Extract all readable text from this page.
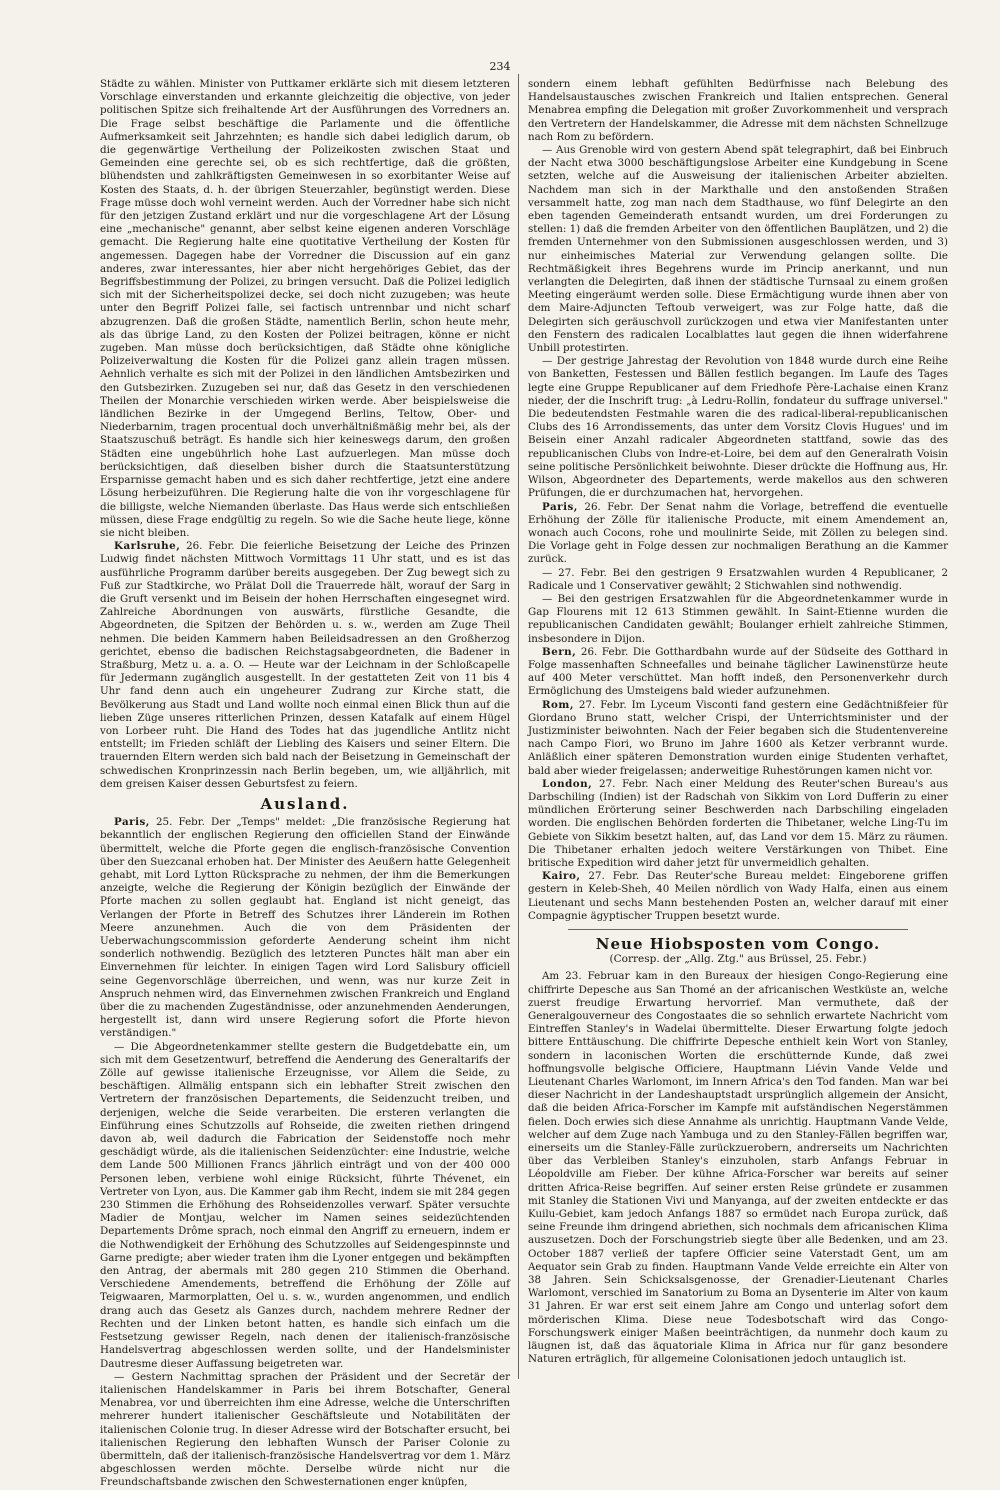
234

Städte zu wählen. Minister von Puttkamer erklärte sich mit diesem letzteren Vorschlage einverstanden und erkannte gleichzeitig die objective, von jeder politischen Spitze sich freihaltende Art der Ausführungen des Vorredners an. Die Frage selbst beschäftige die Parlamente und die öffentliche Aufmerksamkeit seit Jahrzehnten; es handle sich dabei lediglich darum, ob die gegenwärtige Vertheilung der Polizeikosten zwischen Staat und Gemeinden eine gerechte sei, ob es sich rechtfertige, daß die größten, blühendsten und zahlkräftigsten Gemeinwesen in so exorbitanter Weise auf Kosten des Staats, d. h. der übrigen Steuerzahler, begünstigt werden. Diese Frage müsse doch wohl verneint werden. Auch der Vorredner habe sich nicht für den jetzigen Zustand erklärt und nur die vorgeschlagene Art der Lösung eine „mechanische" genannt, aber selbst keine eigenen anderen Vorschläge gemacht. Die Regierung halte eine quotitative Vertheilung der Kosten für angemessen. Dagegen habe der Vorredner die Discussion auf ein ganz anderes, zwar interessantes, hier aber nicht hergehöriges Gebiet, das der Begriffsbestimmung der Polizei, zu bringen versucht. Daß die Polizei lediglich sich mit der Sicherheitspolizei decke, sei doch nicht zuzugeben; was heute unter den Begriff Polizei falle, sei factisch untrennbar und nicht scharf abzugrenzen. Daß die großen Städte, namentlich Berlin, schon heute mehr, als das übrige Land, zu den Kosten der Polizei beitragen, könne er nicht zugeben. Man müsse doch berücksichtigen, daß Städte ohne königliche Polizeiverwaltung die Kosten für die Polizei ganz allein tragen müssen. Aehnlich verhalte es sich mit der Polizei in den ländlichen Amtsbezirken und den Gutsbezirken. Zuzugeben sei nur, daß das Gesetz in den verschiedenen Theilen der Monarchie verschieden wirken werde. Aber beispielsweise die ländlichen Bezirke in der Umgegend Berlins, Teltow, Ober- und Niederbarnim, tragen procentual doch unverhältnißmäßig mehr bei, als der Staatszuschuß beträgt. Es handle sich hier keineswegs darum, den großen Städten eine ungebührlich hohe Last aufzuerlegen. Man müsse doch berücksichtigen, daß dieselben bisher durch die Staatsunterstützung Ersparnisse gemacht haben und es sich daher rechtfertige, jetzt eine andere Lösung herbeizuführen. Die Regierung halte die von ihr vorgeschlagene für die billigste, welche Niemanden überlaste. Das Haus werde sich entschließen müssen, diese Frage endgültig zu regeln. So wie die Sache heute liege, könne sie nicht bleiben.

Karlsruhe, 26. Febr. Die feierliche Beisetzung der Leiche des Prinzen Ludwig findet nächsten Mittwoch Vormittags 11 Uhr statt, und es ist das ausführliche Programm darüber bereits ausgegeben. Der Zug bewegt sich zu Fuß zur Stadtkirche, wo Prälat Doll die Trauerrede hält, worauf der Sarg in die Gruft versenkt und im Beisein der hohen Herrschaften eingesegnet wird. Zahlreiche Abordnungen von auswärts, fürstliche Gesandte, die Abgeordneten, die Spitzen der Behörden u. s. w., werden am Zuge Theil nehmen. Die beiden Kammern haben Beileidsadressen an den Großherzog gerichtet, ebenso die badischen Reichstagsabgeordneten, die Badener in Straßburg, Metz u. a. a. O. — Heute war der Leichnam in der Schloßcapelle für Jedermann zugänglich ausgestellt. In der gestatteten Zeit von 11 bis 4 Uhr fand denn auch ein ungeheurer Zudrang zur Kirche statt, die Bevölkerung aus Stadt und Land wollte noch einmal einen Blick thun auf die lieben Züge unseres ritterlichen Prinzen, dessen Katafalk auf einem Hügel von Lorbeer ruht. Die Hand des Todes hat das jugendliche Antlitz nicht entstellt; im Frieden schläft der Liebling des Kaisers und seiner Eltern. Die trauernden Eltern werden sich bald nach der Beisetzung in Gemeinschaft der schwedischen Kronprinzessin nach Berlin begeben, um, wie alljährlich, mit dem greisen Kaiser dessen Geburtsfest zu feiern.

Ausland.

Paris, 25. Febr. Der „Temps" meldet: „Die französische Regierung hat bekanntlich der englischen Regierung den officiellen Stand der Einwände übermittelt, welche die Pforte gegen die englisch-französische Convention über den Suezcanal erhoben hat. Der Minister des Aeußern hatte Gelegenheit gehabt, mit Lord Lytton Rücksprache zu nehmen, der ihm die Bemerkungen anzeigte, welche die Regierung der Königin bezüglich der Einwände der Pforte machen zu sollen geglaubt hat. England ist nicht geneigt, das Verlangen der Pforte in Betreff des Schutzes ihrer Länderein im Rothen Meere anzunehmen. Auch die von dem Präsidenten der Ueberwachungscommission geforderte Aenderung scheint ihm nicht sonderlich nothwendig. Bezüglich des letzteren Punctes hält man aber ein Einvernehmen für leichter. In einigen Tagen wird Lord Salisbury officiell seine Gegenvorschläge überreichen, und wenn, was nur kurze Zeit in Anspruch nehmen wird, das Einvernehmen zwischen Frankreich und England über die zu machenden Zugeständnisse, oder anzunehmenden Aenderungen, hergestellt ist, dann wird unsere Regierung sofort die Pforte hievon verständigen."

— Die Abgeordnetenkammer stellte gestern die Budgetdebatte ein, um sich mit dem Gesetzentwurf, betreffend die Aenderung des Generaltarifs der Zölle auf gewisse italienische Erzeugnisse, vor Allem die Seide, zu beschäftigen. Allmälig entspann sich ein lebhafter Streit zwischen den Vertretern der französischen Departements, die Seidenzucht treiben, und derjenigen, welche die Seide verarbeiten. Die ersteren verlangten die Einführung eines Schutzzolls auf Rohseide, die zweiten riethen dringend davon ab, weil dadurch die Fabrication der Seidenstoffe noch mehr geschädigt würde, als die italienischen Seidenzüchter: eine Industrie, welche dem Lande 500 Millionen Francs jährlich einträgt und von der 400 000 Personen leben, verbiene wohl einige Rücksicht, führte Thévenet, ein Vertreter von Lyon, aus. Die Kammer gab ihm Recht, indem sie mit 284 gegen 230 Stimmen die Erhöhung des Rohseidenzolles verwarf. Später versuchte Madier de Montjau, welcher im Namen seines seidezüchtenden Departements Drôme sprach, noch einmal den Angriff zu erneuern, indem er die Nothwendigkeit der Erhöhung des Schutzzolles auf Seidengespinnste und Garne predigte; aber wieder traten ihm die Lyoner entgegen und bekämpften den Antrag, der abermals mit 280 gegen 210 Stimmen die Oberhand. Verschiedene Amendements, betreffend die Erhöhung der Zölle auf Teigwaaren, Marmorplatten, Oel u. s. w., wurden angenommen, und endlich drang auch das Gesetz als Ganzes durch, nachdem mehrere Redner der Rechten und der Linken betont hatten, es handle sich einfach um die Festsetzung gewisser Regeln, nach denen der italienisch-französische Handelsvertrag abgeschlossen werden sollte, und der Handelsminister Dautresme dieser Auffassung beigetreten war.

— Gestern Nachmittag sprachen der Präsident und der Secretär der italienischen Handelskammer in Paris bei ihrem Botschafter, General Menabrea, vor und überreichten ihm eine Adresse, welche die Unterschriften mehrerer hundert italienischer Geschäftsleute und Notabilitäten der italienischen Colonie trug. In dieser Adresse wird der Botschafter ersucht, bei italienischen Regierung den lebhaften Wunsch der Pariser Colonie zu übermitteln, daß der italienisch-französische Handelsvertrag vor dem 1. März abgeschlossen werden möchte. Derselbe würde nicht nur die Freundschaftsbande zwischen den Schwesternationen enger knüpfen,

sondern einem lebhaft gefühlten Bedürfnisse nach Belebung des Handelsaustausches zwischen Frankreich und Italien entsprechen. General Menabrea empfing die Delegation mit großer Zuvorkommenheit und versprach den Vertretern der Handelskammer, die Adresse mit dem nächsten Schnellzuge nach Rom zu befördern.

— Aus Grenoble wird von gestern Abend spät telegraphirt, daß bei Einbruch der Nacht etwa 3000 beschäftigungslose Arbeiter eine Kundgebung in Scene setzten, welche auf die Ausweisung der italienischen Arbeiter abzielten. Nachdem man sich in der Markthalle und den anstoßenden Straßen versammelt hatte, zog man nach dem Stadthause, wo fünf Delegirte an den eben tagenden Gemeinderath entsandt wurden, um drei Forderungen zu stellen: 1) daß die fremden Arbeiter von den öffentlichen Bauplätzen, und 2) die fremden Unternehmer von den Submissionen ausgeschlossen werden, und 3) nur einheimisches Material zur Verwendung gelangen sollte. Die Rechtmäßigkeit ihres Begehrens wurde im Princip anerkannt, und nun verlangten die Delegirten, daß ihnen der städtische Turnsaal zu einem großen Meeting eingeräumt werden solle. Diese Ermächtigung wurde ihnen aber von dem Maire-Adjuncten Teftoub verweigert, was zur Folge hatte, daß die Delegirten sich geräuschvoll zurückzogen und etwa vier Manifestanten unter den Fenstern des radicalen Localblattes laut gegen die ihnen widerfahrene Unbill protestirten.

— Der gestrige Jahrestag der Revolution von 1848 wurde durch eine Reihe von Banketten, Festessen und Bällen festlich begangen. Im Laufe des Tages legte eine Gruppe Republicaner auf dem Friedhofe Père-Lachaise einen Kranz nieder, der die Inschrift trug: „à Ledru-Rollin, fondateur du suffrage universel." Die bedeutendsten Festmahle waren die des radical-liberal-republicanischen Clubs des 16 Arrondissements, das unter dem Vorsitz Clovis Hugues' und im Beisein einer Anzahl radicaler Abgeordneten stattfand, sowie das des republicanischen Clubs von Indre-et-Loire, bei dem auf den Generalrath Voisin seine politische Persönlichkeit beiwohnte. Dieser drückte die Hoffnung aus, Hr. Wilson, Abgeordneter des Departements, werde makellos aus den schweren Prüfungen, die er durchzumachen hat, hervorgehen.

Paris, 26. Febr. Der Senat nahm die Vorlage, betreffend die eventuelle Erhöhung der Zölle für italienische Producte, mit einem Amendement an, wonach auch Cocons, rohe und moulinirte Seide, mit Zöllen zu belegen sind. Die Vorlage geht in Folge dessen zur nochmaligen Berathung an die Kammer zurück.

— 27. Febr. Bei den gestrigen 9 Ersatzwahlen wurden 4 Republicaner, 2 Radicale und 1 Conservativer gewählt; 2 Stichwahlen sind nothwendig.

— Bei den gestrigen Ersatzwahlen für die Abgeordnetenkammer wurde in Gap Flourens mit 12 613 Stimmen gewählt. In Saint-Etienne wurden die republicanischen Candidaten gewählt; Boulanger erhielt zahlreiche Stimmen, insbesondere in Dijon.

Bern, 26. Febr. Die Gotthardbahn wurde auf der Südseite des Gotthard in Folge massenhaften Schneefalles und beinahe täglicher Lawinenstürze heute auf 400 Meter verschüttet. Man hofft indeß, den Personenverkehr durch Ermöglichung des Umsteigens bald wieder aufzunehmen.

Rom, 27. Febr. Im Lyceum Visconti fand gestern eine Gedächtnißfeier für Giordano Bruno statt, welcher Crispi, der Unterrichtsminister und der Justizminister beiwohnten. Nach der Feier begaben sich die Studentenvereine nach Campo Fiori, wo Bruno im Jahre 1600 als Ketzer verbrannt wurde. Anläßlich einer späteren Demonstration wurden einige Studenten verhaftet, bald aber wieder freigelassen; anderweitige Ruhestörungen kamen nicht vor.

London, 27. Febr. Nach einer Meldung des Reuter'schen Bureau's aus Darbschiling (Indien) ist der Radschah von Sikkim von Lord Dufferin zu einer mündlichen Erörterung seiner Beschwerden nach Darbschiling eingeladen worden. Die englischen Behörden forderten die Thibetaner, welche Ling-Tu im Gebiete von Sikkim besetzt halten, auf, das Land vor dem 15. März zu räumen. Die Thibetaner erhalten jedoch weitere Verstärkungen von Thibet. Eine britische Expedition wird daher jetzt für unvermeidlich gehalten.

Kairo, 27. Febr. Das Reuter'sche Bureau meldet: Eingeborene griffen gestern in Keleb-Sheh, 40 Meilen nördlich von Wady Halfa, einen aus einem Lieutenant und sechs Mann bestehenden Posten an, welcher darauf mit einer Compagnie ägyptischer Truppen besetzt wurde.

Neue Hiobsposten vom Congo.
(Corresp. der „Allg. Ztg." aus Brüssel, 25. Febr.)

Am 23. Februar kam in den Bureaux der hiesigen Congo-Regierung eine chiffrirte Depesche aus San Thomé an der africanischen Westküste an, welche zuerst freudige Erwartung hervorrief. Man vermuthete, daß der Generalgouverneur des Congostaates die so sehnlich erwartete Nachricht vom Eintreffen Stanley's in Wadelai übermittelte. Dieser Erwartung folgte jedoch bittere Enttäuschung. Die chiffrirte Depesche enthielt kein Wort von Stanley, sondern in laconischen Worten die erschütternde Kunde, daß zwei hoffnungsvolle belgische Officiere, Hauptmann Liévin Vande Velde und Lieutenant Charles Warlomont, im Innern Africa's den Tod fanden. Man war bei dieser Nachricht in der Landeshauptstadt ursprünglich allgemein der Ansicht, daß die beiden Africa-Forscher im Kampfe mit aufständischen Negerstämmen fielen. Doch erwies sich diese Annahme als unrichtig. Hauptmann Vande Velde, welcher auf dem Zuge nach Yambuga und zu den Stanley-Fällen begriffen war, einerseits um die Stanley-Fälle zurückzuerobern, andrerseits um Nachrichten über das Verbleiben Stanley's einzuholen, starb Anfangs Februar in Léopoldville am Fieber. Der kühne Africa-Forscher war bereits auf seiner dritten Africa-Reise begriffen. Auf seiner ersten Reise gründete er zusammen mit Stanley die Stationen Vivi und Manyanga, auf der zweiten entdeckte er das Kuilu-Gebiet, kam jedoch Anfangs 1887 so ermüdet nach Europa zurück, daß seine Freunde ihm dringend abriethen, sich nochmals dem africanischen Klima auszusetzen. Doch der Forschungstrieb siegte über alle Bedenken, und am 23. October 1887 verließ der tapfere Officier seine Vaterstadt Gent, um am Aequator sein Grab zu finden. Hauptmann Vande Velde erreichte ein Alter von 38 Jahren. Sein Schicksalsgenosse, der Grenadier-Lieutenant Charles Warlomont, verschied im Sanatorium zu Boma an Dysenterie im Alter von kaum 31 Jahren. Er war erst seit einem Jahre am Congo und unterlag sofort dem mörderischen Klima. Diese neue Todesbotschaft wird das Congo-Forschungswerk einiger Maßen beeinträchtigen, da nunmehr doch kaum zu läugnen ist, daß das äquatoriale Klima in Africa nur für ganz besondere Naturen erträglich, für allgemeine Colonisationen jedoch untauglich ist.
